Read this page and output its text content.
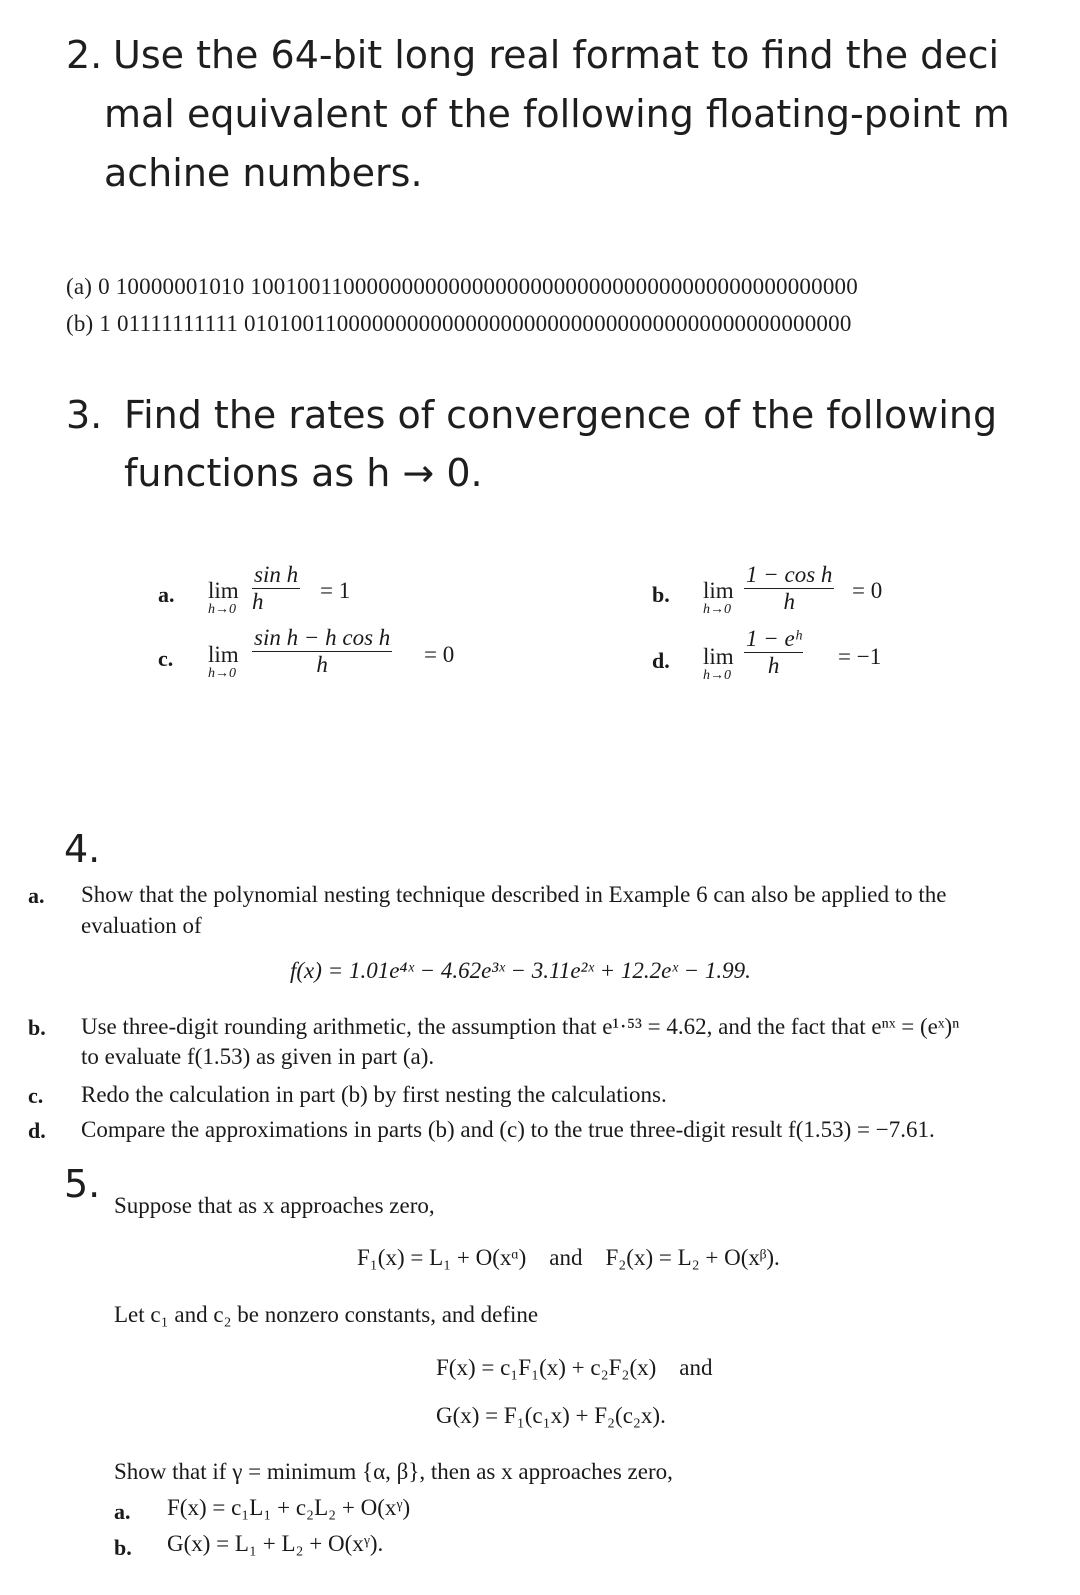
2. Use the 64-bit long real format to find the deci
mal equivalent of the following floating-point m
achine numbers.
(a) 0 10000001010 1001001100000000000000000000000000000000000000000000
(b) 1 01111111111 0101001100000000000000000000000000000000000000000000
3. Find the rates of convergence of the following
functions as h → 0.
a. lim
$h\to 0 \frac{\text{sin h}}{h} = 1$	b. lim
$h\to 0 \frac{\text{1 − cos h}}{h} = 0$
c. lim
$h\to 0 \frac{\text{sin h − h cos h}}{h} = 0$	d. lim
$h\to 0 \frac{\text{1 − eʰ}}{h} = -1$
4.
a. Show that the polynomial nesting technique described in Example 6 can also be applied to the
evaluation of
f(x) = 1.01e⁴ˣ − 4.62e³ˣ − 3.11e²ˣ + 12.2eˣ − 1.99.
b. Use three-digit rounding arithmetic, the assumption that e¹·⁵³ = 4.62, and the fact that eⁿˣ = (eˣ)ⁿ
to evaluate f(1.53) as given in part (a).
c. Redo the calculation in part (b) by first nesting the calculations.
d. Compare the approximations in parts (b) and (c) to the true three-digit result f(1.53) = −7.61.
5. Suppose that as x approaches zero,
F₁(x) = L₁ + O(xᵅ)    and    F₂(x) = L₂ + O(xᵝ).
Let c₁ and c₂ be nonzero constants, and define
F(x) = c₁F₁(x) + c₂F₂(x)    and
G(x) = F₁(c₁x) + F₂(c₂x).
Show that if γ = minimum {α, β}, then as x approaches zero,
a. F(x) = c₁L₁ + c₂L₂ + O(xᵞ)
b. G(x) = L₁ + L₂ + O(xᵞ).
